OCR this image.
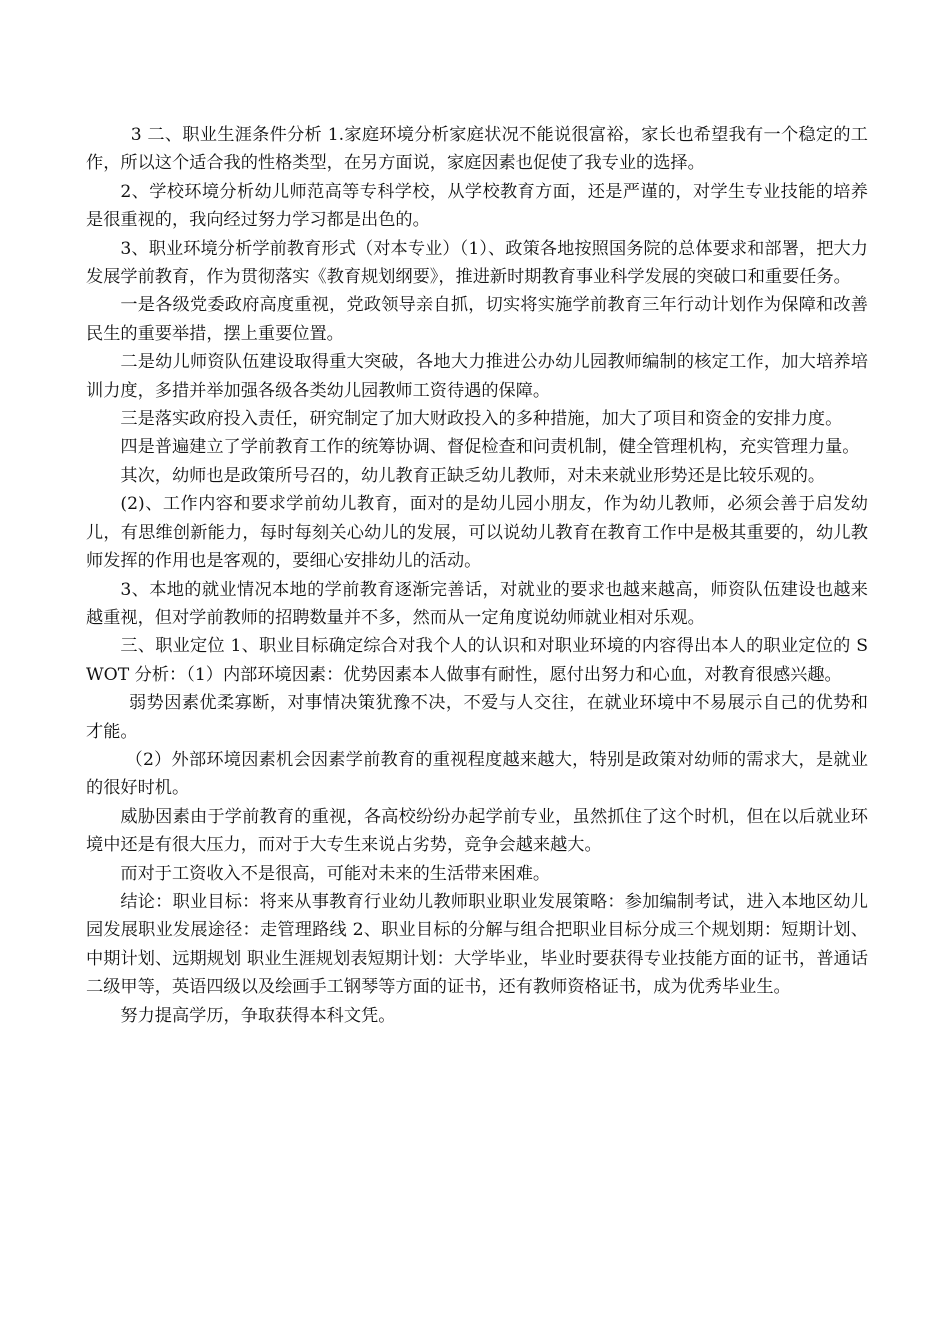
3 二、职业生涯条件分析 1.家庭环境分析家庭状况不能说很富裕，家长也希望我有一个稳定的工作，所以这个适合我的性格类型，在另方面说，家庭因素也促使了我专业的选择。

2、学校环境分析幼儿师范高等专科学校，从学校教育方面，还是严谨的，对学生专业技能的培养是很重视的，我向经过努力学习都是出色的。

3、职业环境分析学前教育形式（对本专业）（1）、政策各地按照国务院的总体要求和部署，把大力发展学前教育，作为贯彻落实《教育规划纲要》，推进新时期教育事业科学发展的突破口和重要任务。

一是各级党委政府高度重视，党政领导亲自抓，切实将实施学前教育三年行动计划作为保障和改善民生的重要举措，摆上重要位置。

二是幼儿师资队伍建设取得重大突破，各地大力推进公办幼儿园教师编制的核定工作，加大培养培训力度，多措并举加强各级各类幼儿园教师工资待遇的保障。

三是落实政府投入责任，研究制定了加大财政投入的多种措施，加大了项目和资金的安排力度。

四是普遍建立了学前教育工作的统筹协调、督促检查和问责机制，健全管理机构，充实管理力量。

其次，幼师也是政策所号召的，幼儿教育正缺乏幼儿教师，对未来就业形势还是比较乐观的。

(2)、工作内容和要求学前幼儿教育，面对的是幼儿园小朋友，作为幼儿教师，必须会善于启发幼儿，有思维创新能力，每时每刻关心幼儿的发展，可以说幼儿教育在教育工作中是极其重要的，幼儿教师发挥的作用也是客观的，要细心安排幼儿的活动。

3、本地的就业情况本地的学前教育逐渐完善话，对就业的要求也越来越高，师资队伍建设也越来越重视，但对学前教师的招聘数量并不多，然而从一定角度说幼师就业相对乐观。

三、职业定位 1、职业目标确定综合对我个人的认识和对职业环境的内容得出本人的职业定位的 SWOT 分析：（1）内部环境因素：优势因素本人做事有耐性，愿付出努力和心血，对教育很感兴趣。

弱势因素优柔寡断，对事情决策犹豫不决，不爱与人交往，在就业环境中不易展示自己的优势和才能。

（2）外部环境因素机会因素学前教育的重视程度越来越大，特别是政策对幼师的需求大，是就业的很好时机。

威胁因素由于学前教育的重视，各高校纷纷办起学前专业，虽然抓住了这个时机，但在以后就业环境中还是有很大压力，而对于大专生来说占劣势，竞争会越来越大。

而对于工资收入不是很高，可能对未来的生活带来困难。

结论：职业目标：将来从事教育行业幼儿教师职业职业发展策略：参加编制考试，进入本地区幼儿园发展职业发展途径：走管理路线 2、职业目标的分解与组合把职业目标分成三个规划期：短期计划、中期计划、远期规划 职业生涯规划表短期计划：大学毕业，毕业时要获得专业技能方面的证书，普通话二级甲等，英语四级以及绘画手工钢琴等方面的证书，还有教师资格证书，成为优秀毕业生。

努力提高学历，争取获得本科文凭。
